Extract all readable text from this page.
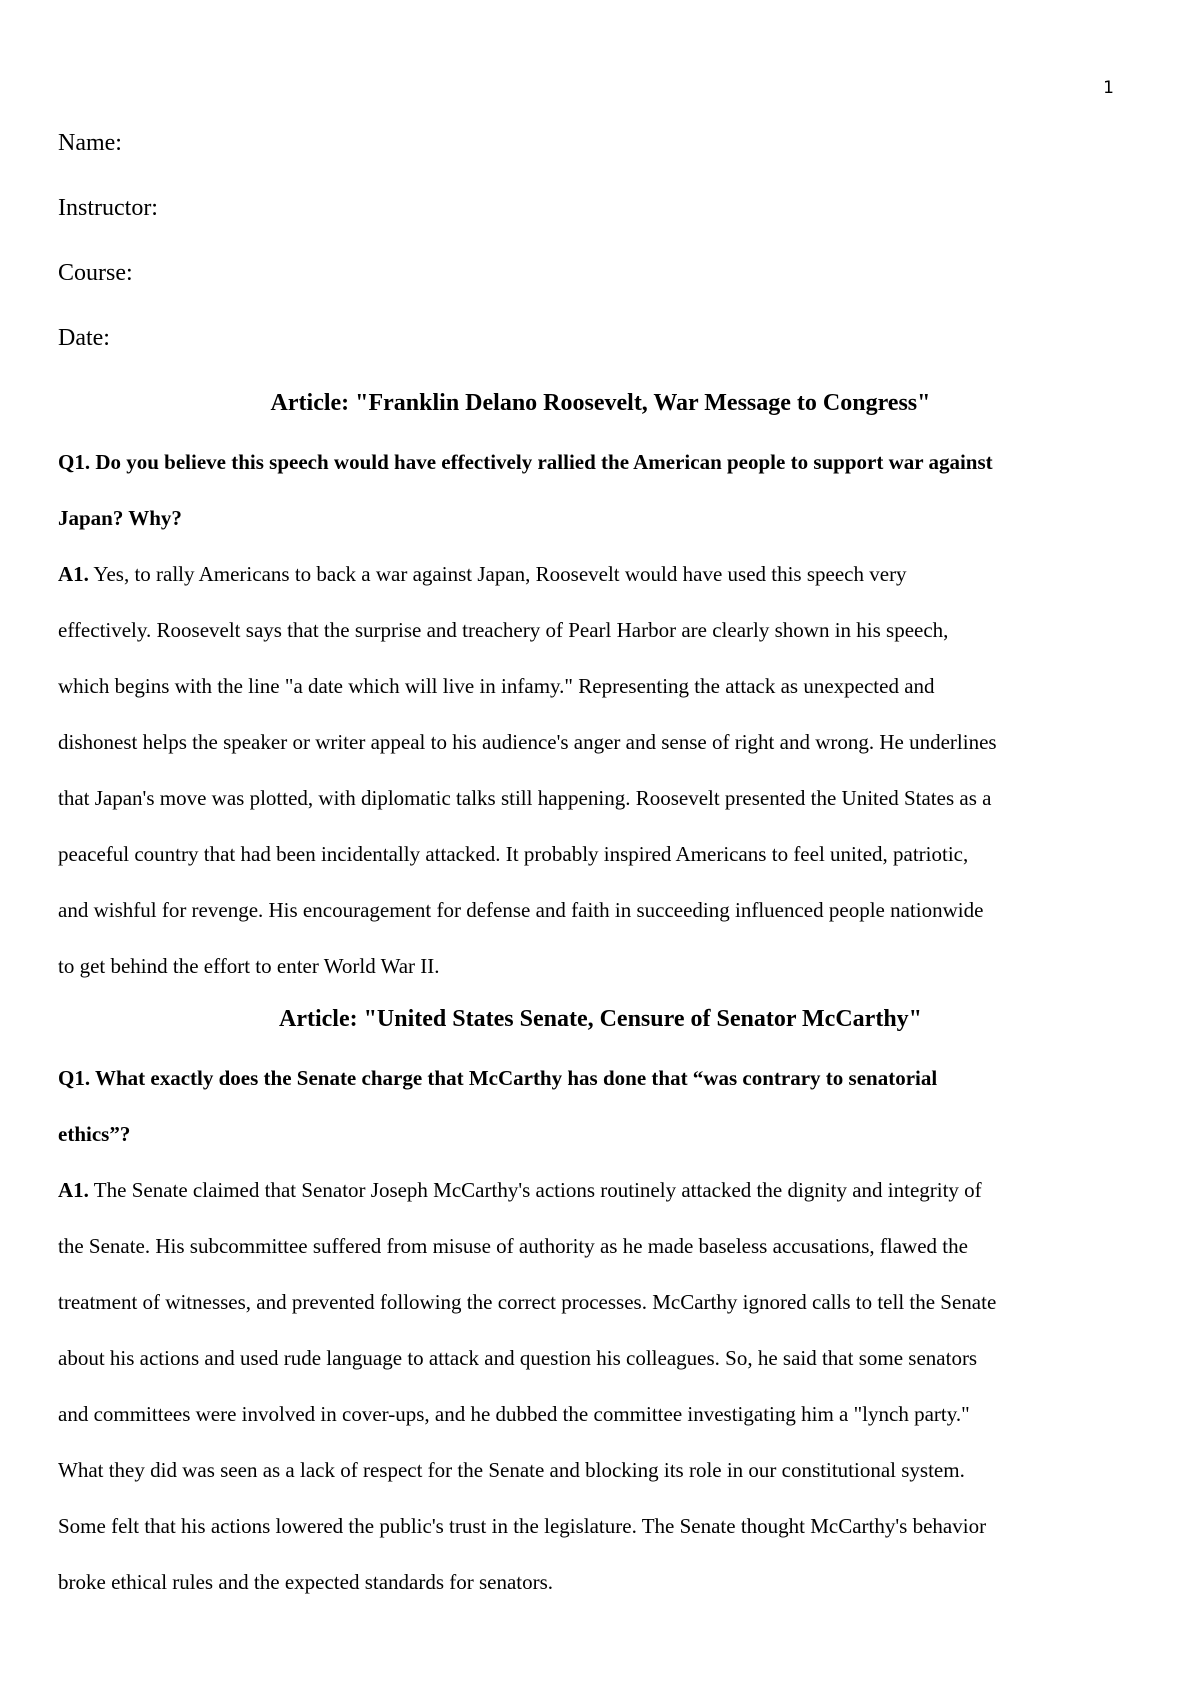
1
Name:
Instructor:
Course:
Date:
Article: "Franklin Delano Roosevelt, War Message to Congress"
Q1. Do you believe this speech would have effectively rallied the American people to support war against
Japan? Why?
A1. Yes, to rally Americans to back a war against Japan, Roosevelt would have used this speech very
effectively. Roosevelt says that the surprise and treachery of Pearl Harbor are clearly shown in his speech,
which begins with the line "a date which will live in infamy." Representing the attack as unexpected and
dishonest helps the speaker or writer appeal to his audience's anger and sense of right and wrong. He underlines
that Japan's move was plotted, with diplomatic talks still happening. Roosevelt presented the United States as a
peaceful country that had been incidentally attacked. It probably inspired Americans to feel united, patriotic,
and wishful for revenge. His encouragement for defense and faith in succeeding influenced people nationwide
to get behind the effort to enter World War II.
Article: "United States Senate, Censure of Senator McCarthy"
Q1. What exactly does the Senate charge that McCarthy has done that “was contrary to senatorial
ethics”?
A1. The Senate claimed that Senator Joseph McCarthy's actions routinely attacked the dignity and integrity of
the Senate. His subcommittee suffered from misuse of authority as he made baseless accusations, flawed the
treatment of witnesses, and prevented following the correct processes. McCarthy ignored calls to tell the Senate
about his actions and used rude language to attack and question his colleagues. So, he said that some senators
and committees were involved in cover-ups, and he dubbed the committee investigating him a "lynch party."
What they did was seen as a lack of respect for the Senate and blocking its role in our constitutional system.
Some felt that his actions lowered the public's trust in the legislature. The Senate thought McCarthy's behavior
broke ethical rules and the expected standards for senators.
